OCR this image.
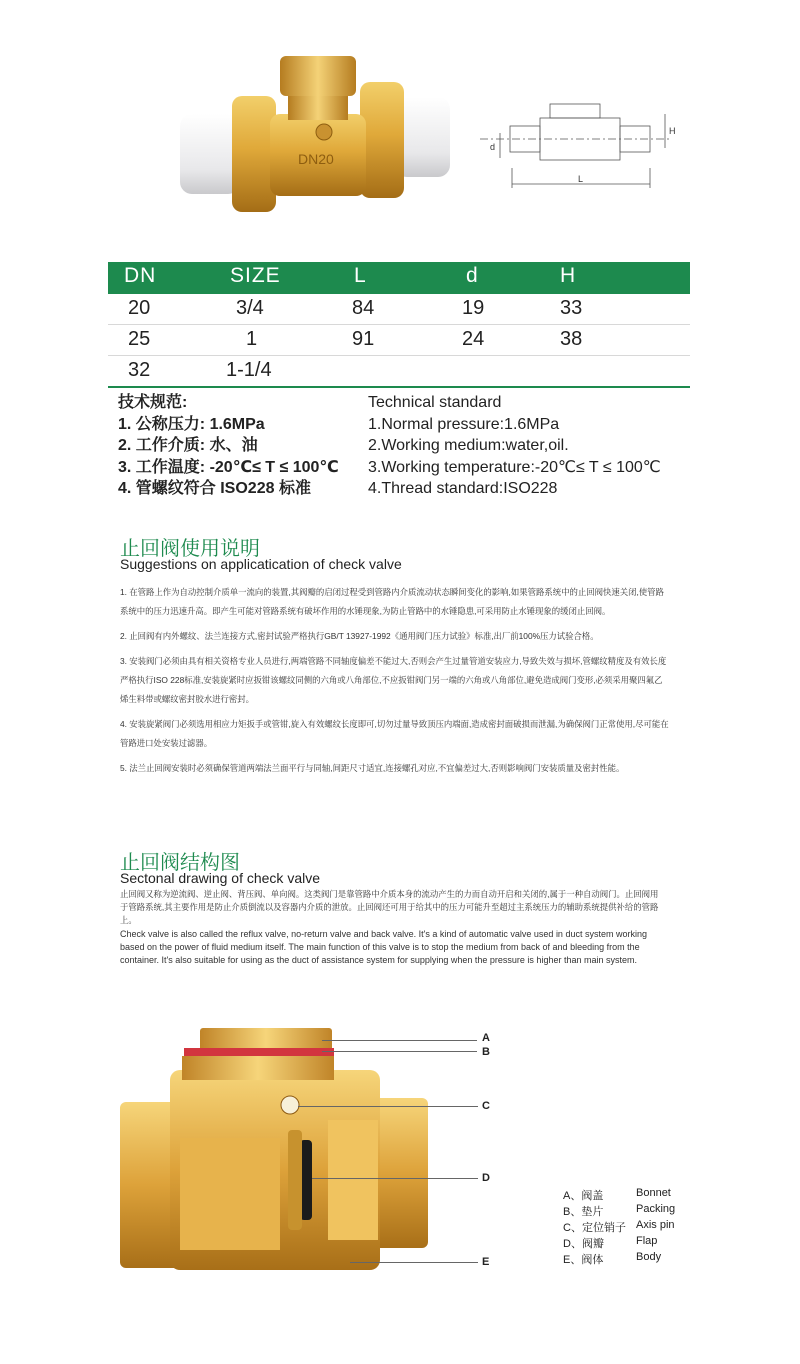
DN20
d
H
L
DN	SIZE	L	d	H
20	3/4	84	19	33
25	1	91	24	38
32	1-1/4
技术规范:
1. 公称压力: 1.6MPa
2. 工作介质: 水、油
3. 工作温度: -20℃≤ T ≤ 100℃
4. 管螺纹符合 ISO228 标准
Technical standard
1.Normal pressure:1.6MPa
2.Working medium:water,oil.
3.Working temperature:-20℃≤ T ≤ 100℃
4.Thread standard:ISO228
止回阀使用说明
Suggestions on applicatication of check valve
1. 在管路上作为自动控制介质单一流向的装置,其阀瓣的启闭过程受到管路内介质流动状态瞬间变化的影响,如果管路系统中的止回阀快速关闭,使管路系统中的压力迅速升高。即产生可能对管路系统有破坏作用的水锤现象,为防止管路中的水锤隐患,可采用防止水锤现象的缓闭止回阀。
2. 止回阀有内外螺纹、法兰连接方式,密封试验严格执行GB/T 13927-1992《通用阀门压力试验》标准,出厂前100%压力试验合格。
3. 安装阀门必须由具有相关资格专业人员进行,两端管路不同轴度偏差不能过大,否则会产生过量管道安装应力,导致失效与损坏,管螺纹精度及有效长度严格执行ISO 228标准,安装旋紧时应扳钳该螺纹同侧的六角或八角部位,不应扳钳阀门另一端的六角或八角部位,避免造成阀门变形,必须采用聚四氟乙烯生料带或螺纹密封胶水进行密封。
4. 安装旋紧阀门必须选用相应力矩扳手或管钳,旋入有效螺纹长度即可,切勿过量导致顶压内端面,造成密封面破损而泄漏,为确保阀门正常使用,尽可能在管路进口处安装过滤器。
5. 法兰止回阀安装时必须确保管道两端法兰面平行与同轴,间距尺寸适宜,连接螺孔对应,不宜偏差过大,否则影响阀门安装质量及密封性能。
止回阀结构图
Sectonal drawing of check valve
止回阀又称为逆流阀、逆止阀、背压阀、单向阀。这类阀门是靠管路中介质本身的流动产生的力而自动开启和关闭的,属于一种自动阀门。止回阀用于管路系统,其主要作用是防止介质倒流以及容器内介质的泄放。止回阀还可用于给其中的压力可能升至超过主系统压力的辅助系统提供补给的管路上。
Check valve is also called the reflux valve, no-return valve and back valve. It's a kind of automatic valve used in duct system working based on the power of fluid medium itself. The main function of this valve is to stop the medium from back of and bleeding from the container. It's also suitable for using as the duct of assistance system for supplying when the pressure is higher than main system.
A
B
C
D
E
A、阀盖	Bonnet
B、垫片	Packing
C、定位销子 Axis pin
D、阀瓣	Flap
E、阀体	Body
